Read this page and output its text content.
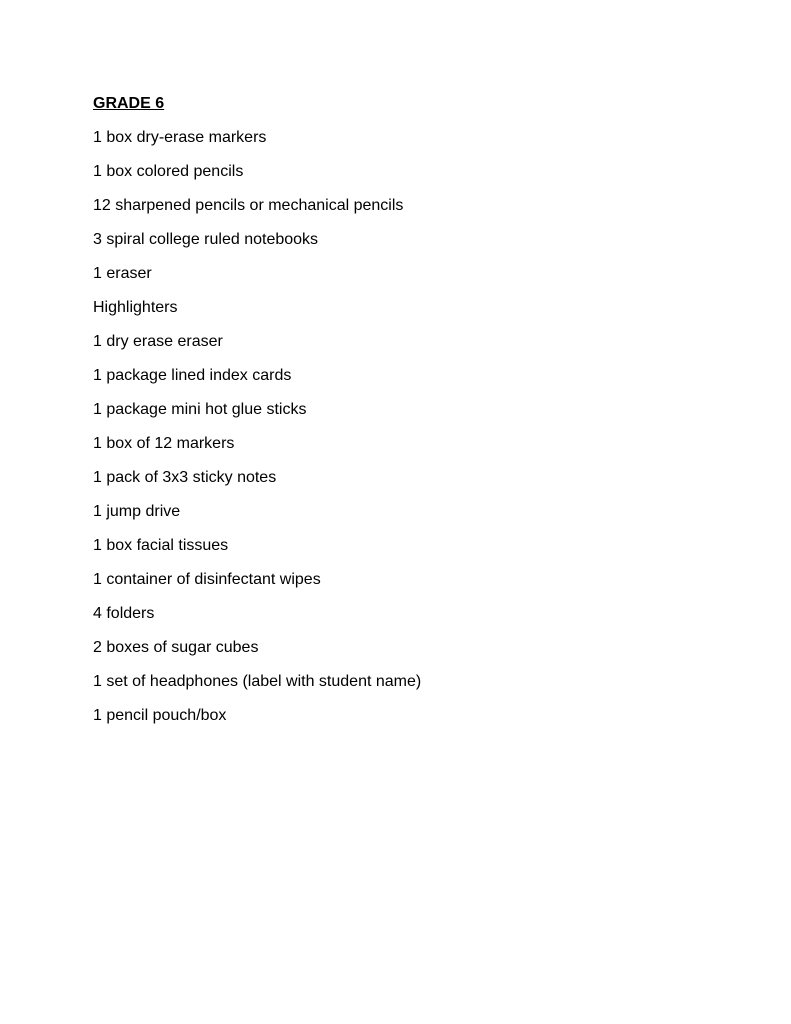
GRADE 6
1 box dry-erase markers
1 box colored pencils
12 sharpened pencils or mechanical pencils
3 spiral college ruled notebooks
1 eraser
Highlighters
1 dry erase eraser
1 package lined index cards
1 package mini hot glue sticks
1 box of 12 markers
1 pack of 3x3 sticky notes
1 jump drive
1 box facial tissues
1 container of disinfectant wipes
4 folders
2 boxes of sugar cubes
1 set of headphones (label with student name)
1 pencil pouch/box
